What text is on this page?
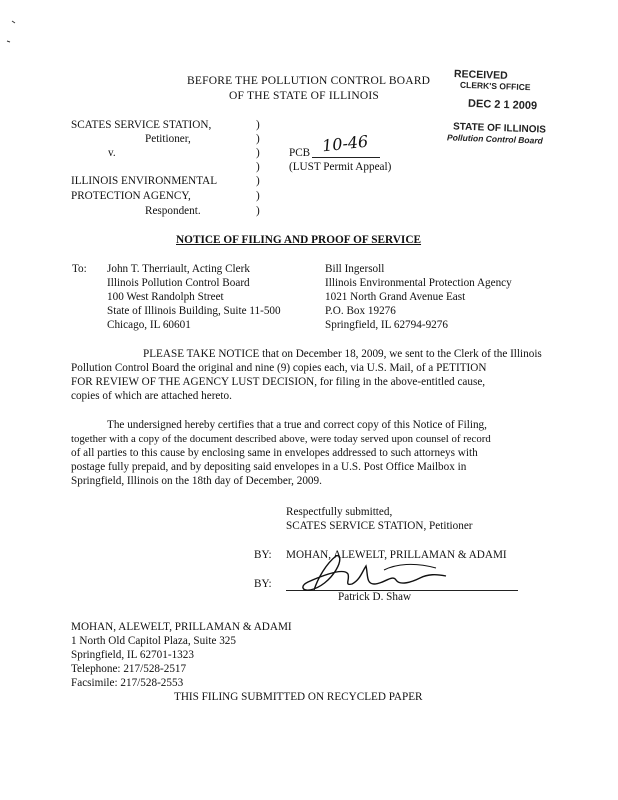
BEFORE THE POLLUTION CONTROL BOARD
OF THE STATE OF ILLINOIS
RECEIVED
CLERK'S OFFICE
DEC 2 1 2009
STATE OF ILLINOIS
Pollution Control Board
SCATES SERVICE STATION,
Petitioner,
v.
ILLINOIS ENVIRONMENTAL
PROTECTION AGENCY,
Respondent.
)
)
)
)
)
)
)
PCB 10-46
(LUST Permit Appeal)
NOTICE OF FILING AND PROOF OF SERVICE
To: John T. Therriault, Acting Clerk
Illinois Pollution Control Board
100 West Randolph Street
State of Illinois Building, Suite 11-500
Chicago, IL 60601
Bill Ingersoll
Illinois Environmental Protection Agency
1021 North Grand Avenue East
P.O. Box 19276
Springfield, IL 62794-9276
PLEASE TAKE NOTICE that on December 18, 2009, we sent to the Clerk of the Illinois
Pollution Control Board the original and nine (9) copies each, via U.S. Mail, of a PETITION
FOR REVIEW OF THE AGENCY LUST DECISION, for filing in the above-entitled cause,
copies of which are attached hereto.
The undersigned hereby certifies that a true and correct copy of this Notice of Filing,
together with a copy of the document described above, were today served upon counsel of record
of all parties to this cause by enclosing same in envelopes addressed to such attorneys with
postage fully prepaid, and by depositing said envelopes in a U.S. Post Office Mailbox in
Springfield, Illinois on the 18th day of December, 2009.
Respectfully submitted,
SCATES SERVICE STATION, Petitioner
BY: MOHAN, ALEWELT, PRILLAMAN & ADAMI
BY:
Patrick D. Shaw
MOHAN, ALEWELT, PRILLAMAN & ADAMI
1 North Old Capitol Plaza, Suite 325
Springfield, IL 62701-1323
Telephone: 217/528-2517
Facsimile: 217/528-2553
THIS FILING SUBMITTED ON RECYCLED PAPER
